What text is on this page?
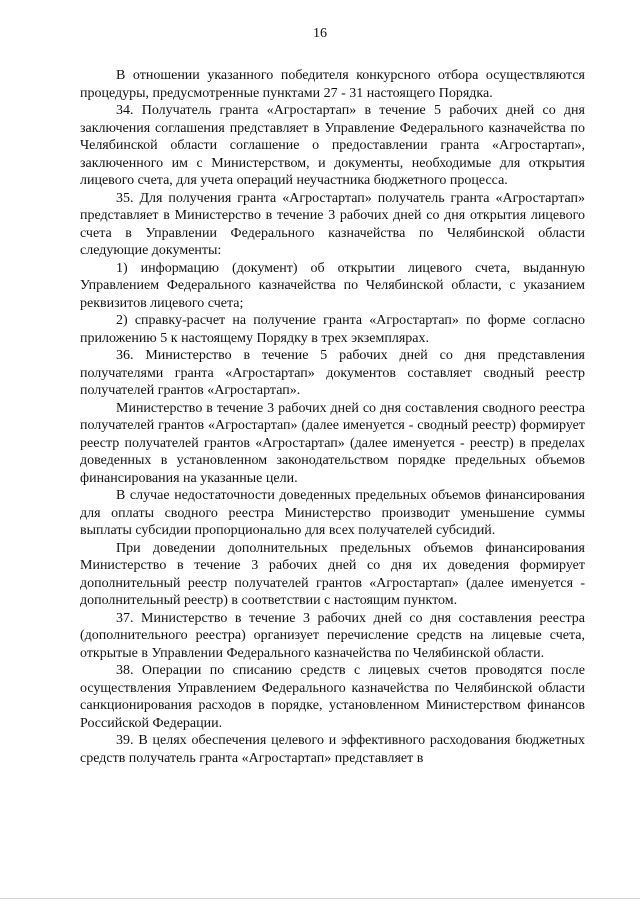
16

В отношении указанного победителя конкурсного отбора осуществляются процедуры, предусмотренные пунктами 27 - 31 настоящего Порядка.

34. Получатель гранта «Агростартап» в течение 5 рабочих дней со дня заключения соглашения представляет в Управление Федерального казначейства по Челябинской области соглашение о предоставлении гранта «Агростартап», заключенного им с Министерством, и документы, необходимые для открытия лицевого счета, для учета операций неучастника бюджетного процесса.

35. Для получения гранта «Агростартап» получатель гранта «Агростартап» представляет в Министерство в течение 3 рабочих дней со дня открытия лицевого счета в Управлении Федерального казначейства по Челябинской области следующие документы:

1) информацию (документ) об открытии лицевого счета, выданную Управлением Федерального казначейства по Челябинской области, с указанием реквизитов лицевого счета;

2) справку-расчет на получение гранта «Агростартап» по форме согласно приложению 5 к настоящему Порядку в трех экземплярах.

36. Министерство в течение 5 рабочих дней со дня представления получателями гранта «Агростартап» документов составляет сводный реестр получателей грантов «Агростартап».

Министерство в течение 3 рабочих дней со дня составления сводного реестра получателей грантов «Агростартап» (далее именуется - сводный реестр) формирует реестр получателей грантов «Агростартап» (далее именуется - реестр) в пределах доведенных в установленном законодательством порядке предельных объемов финансирования на указанные цели.

В случае недостаточности доведенных предельных объемов финансирования для оплаты сводного реестра Министерство производит уменьшение суммы выплаты субсидии пропорционально для всех получателей субсидий.

При доведении дополнительных предельных объемов финансирования Министерство в течение 3 рабочих дней со дня их доведения формирует дополнительный реестр получателей грантов «Агростартап» (далее именуется - дополнительный реестр) в соответствии с настоящим пунктом.

37. Министерство в течение 3 рабочих дней со дня составления реестра (дополнительного реестра) организует перечисление средств на лицевые счета, открытые в Управлении Федерального казначейства по Челябинской области.

38. Операции по списанию средств с лицевых счетов проводятся после осуществления Управлением Федерального казначейства по Челябинской области санкционирования расходов в порядке, установленном Министерством финансов Российской Федерации.

39. В целях обеспечения целевого и эффективного расходования бюджетных средств получатель гранта «Агростартап» представляет в
